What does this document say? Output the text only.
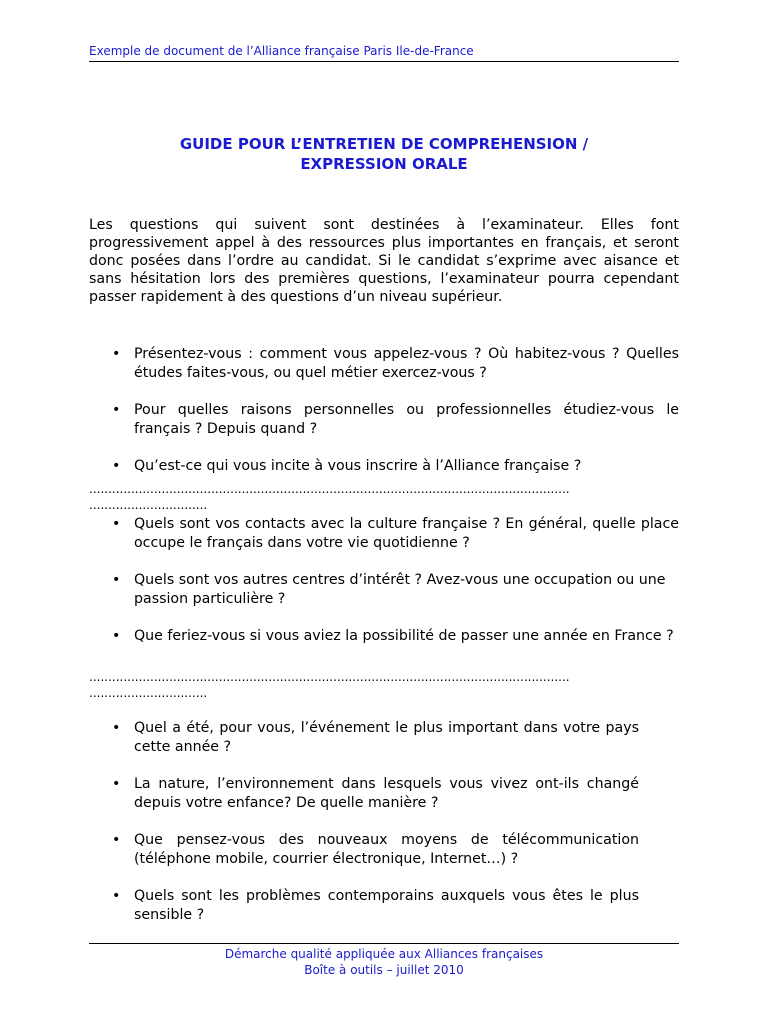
Exemple de document de l’Alliance française Paris Ile-de-France
GUIDE POUR L’ENTRETIEN DE COMPREHENSION /
EXPRESSION ORALE

Les questions qui suivent sont destinées à l’examinateur. Elles font progressivement appel à des ressources plus importantes en français, et seront donc posées dans l’ordre au candidat. Si le candidat s’exprime avec aisance et sans hésitation lors des premières questions, l’examinateur pourra cependant passer rapidement à des questions d’un niveau supérieur.

• Présentez-vous : comment vous appelez-vous ? Où habitez-vous ? Quelles études faites-vous, ou quel métier exercez-vous ?
• Pour quelles raisons personnelles ou professionnelles étudiez-vous le français ? Depuis quand ?
• Qu’est-ce qui vous incite à vous inscrire à l’Alliance française ?
..............................................................................................................................
...............................
• Quels sont vos contacts avec la culture française ? En général, quelle place occupe le français dans votre vie quotidienne ?
• Quels sont vos autres centres d’intérêt ? Avez-vous une occupation ou une passion particulière ?
• Que feriez-vous si vous aviez la possibilité de passer une année en France ?
..............................................................................................................................
...............................
• Quel a été, pour vous, l’événement le plus important dans votre pays cette année ?
• La nature, l’environnement dans lesquels vous vivez ont-ils changé depuis votre enfance? De quelle manière ?
• Que pensez-vous des nouveaux moyens de télécommunication (téléphone mobile, courrier électronique, Internet…) ?
• Quels sont les problèmes contemporains auxquels vous êtes le plus sensible ?
Démarche qualité appliquée aux Alliances françaises
Boîte à outils – juillet 2010
